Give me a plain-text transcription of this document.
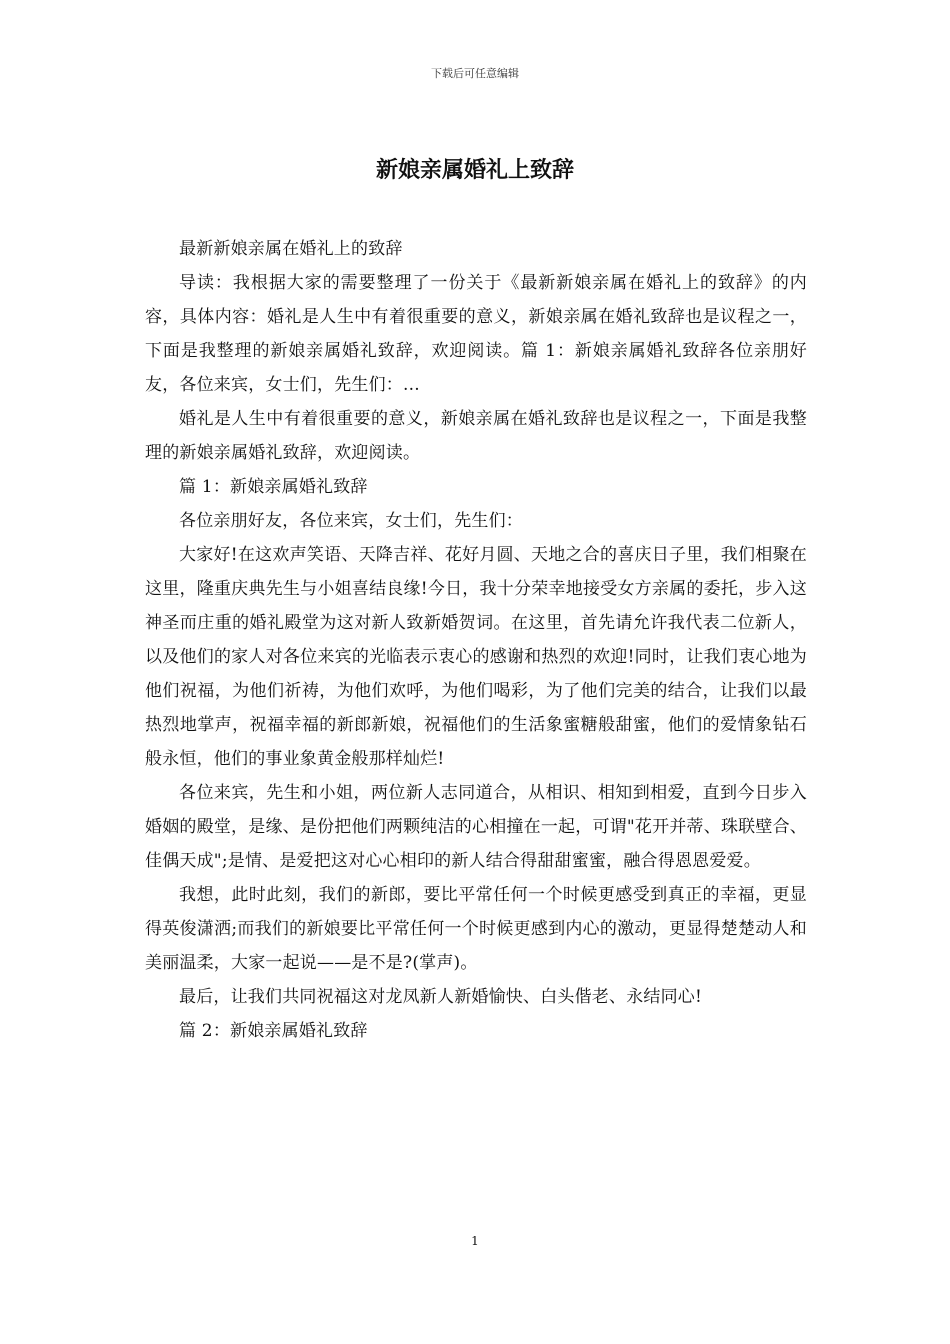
下载后可任意编辑
新娘亲属婚礼上致辞

最新新娘亲属在婚礼上的致辞

导读：我根据大家的需要整理了一份关于《最新新娘亲属在婚礼上的致辞》的内容，具体内容：婚礼是人生中有着很重要的意义，新娘亲属在婚礼致辞也是议程之一，下面是我整理的新娘亲属婚礼致辞，欢迎阅读。篇 1：新娘亲属婚礼致辞各位亲朋好友，各位来宾，女士们，先生们：...

婚礼是人生中有着很重要的意义，新娘亲属在婚礼致辞也是议程之一，下面是我整理的新娘亲属婚礼致辞，欢迎阅读。

篇 1：新娘亲属婚礼致辞

各位亲朋好友，各位来宾，女士们，先生们：

大家好!在这欢声笑语、天降吉祥、花好月圆、天地之合的喜庆日子里，我们相聚在这里，隆重庆典先生与小姐喜结良缘!今日，我十分荣幸地接受女方亲属的委托，步入这神圣而庄重的婚礼殿堂为这对新人致新婚贺词。在这里，首先请允许我代表二位新人，以及他们的家人对各位来宾的光临表示衷心的感谢和热烈的欢迎!同时，让我们衷心地为他们祝福，为他们祈祷，为他们欢呼，为他们喝彩，为了他们完美的结合，让我们以最热烈地掌声，祝福幸福的新郎新娘，祝福他们的生活象蜜糖般甜蜜，他们的爱情象钻石般永恒，他们的事业象黄金般那样灿烂!

各位来宾，先生和小姐，两位新人志同道合，从相识、相知到相爱，直到今日步入婚姻的殿堂，是缘、是份把他们两颗纯洁的心相撞在一起，可谓"花开并蒂、珠联壁合、佳偶天成";是情、是爱把这对心心相印的新人结合得甜甜蜜蜜，融合得恩恩爱爱。

我想，此时此刻，我们的新郎，要比平常任何一个时候更感受到真正的幸福，更显得英俊潇洒;而我们的新娘要比平常任何一个时候更感到内心的激动，更显得楚楚动人和美丽温柔，大家一起说——是不是?(掌声)。

最后，让我们共同祝福这对龙凤新人新婚愉快、白头偕老、永结同心!

篇 2：新娘亲属婚礼致辞

1
